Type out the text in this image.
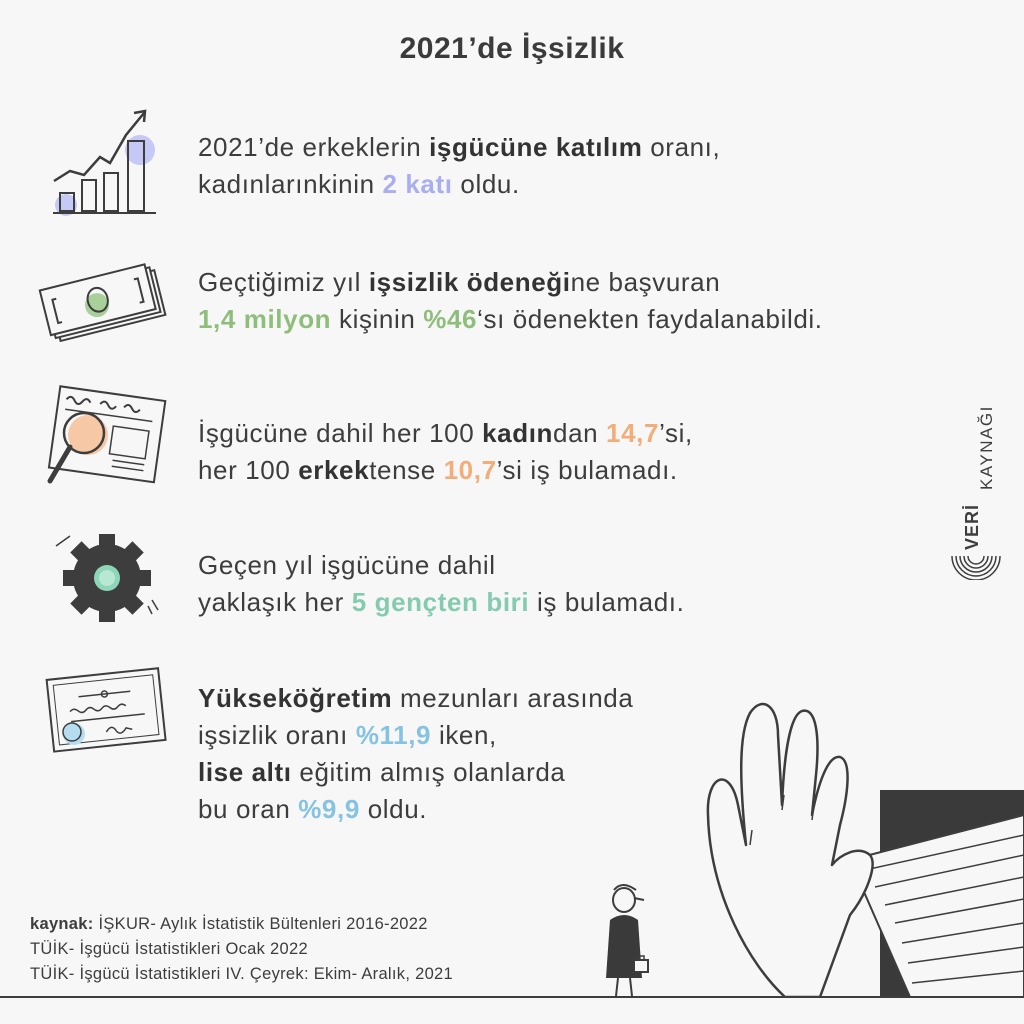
2021’de İşsizlik
2021’de erkeklerin işgücüne katılım oranı,
kadınlarınkinin 2 katı oldu.
Geçtiğimiz yıl işsizlik ödeneğine başvuran
1,4 milyon kişinin %46‘sı ödenekten faydalanabildi.
İşgücüne dahil her 100 kadından 14,7’si,
her 100 erkektense 10,7’si iş bulamadı.
Geçen yıl işgücüne dahil
yaklaşık her 5 gençten biri iş bulamadı.
Yükseköğretim mezunları arasında
işsizlik oranı %11,9 iken,
lise altı eğitim almış olanlarda
bu oran %9,9 oldu.
KAYNAĞI
VERİ
kaynak: İŞKUR- Aylık İstatistik Bültenleri 2016-2022
TÜİK- İşgücü İstatistikleri Ocak 2022
TÜİK- İşgücü İstatistikleri IV. Çeyrek: Ekim- Aralık, 2021
